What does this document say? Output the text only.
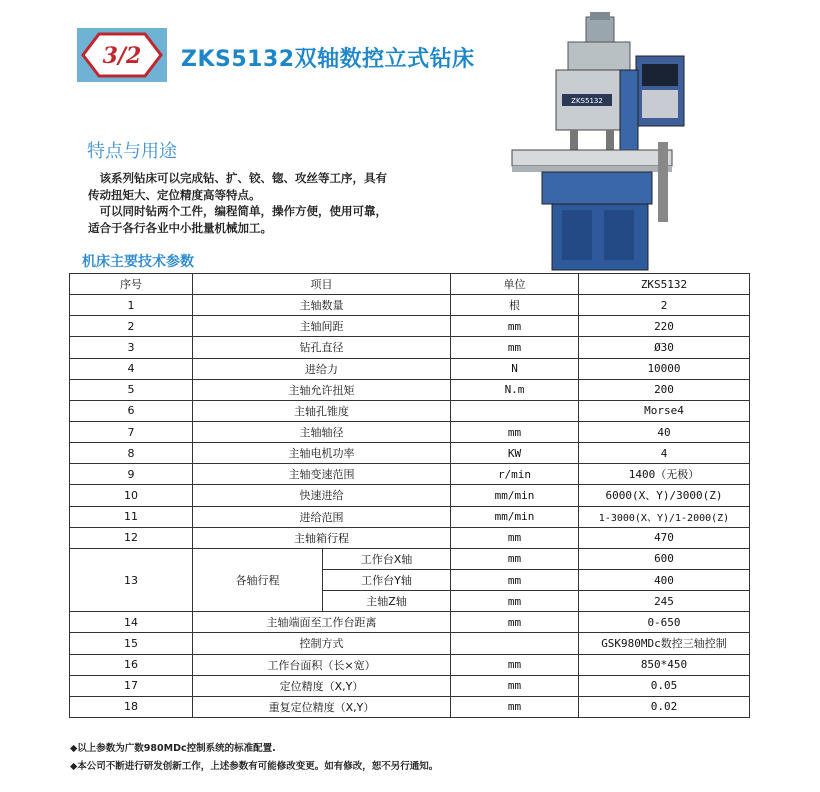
3/2 ZKS5132双轴数控立式钻床
特点与用途

　该系列钻床可以完成钻、扩、铰、锪、攻丝等工序，具有

传动扭矩大、定位精度高等特点。

　可以同时钻两个工件，编程简单，操作方便，使用可靠，

适合于各行各业中小批量机械加工。

ZKS5132
机床主要技术参数
序号	项目		单位	ZKS5132
1	主轴数量		根	2
2	主轴间距		mm	220
3	钻孔直径		mm	Ø30
4	进给力		N	10000
5	主轴允许扭矩		N.m	200
6	主轴孔锥度			Morse4
7	主轴轴径		mm	40
8	主轴电机功率		KW	4
9	主轴变速范围		r/min	1400（无极）
10	快速进给		mm/min	6000(X、Y)/3000(Z)
11	进给范围		mm/min	1-3000(X、Y)/1-2000(Z)
12	主轴箱行程		mm	470
13	各轴行程	工作台X轴	mm	600
		工作台Y轴	mm	400
		主轴Z轴	mm	245
14	主轴端面至工作台距离		mm	0-650
15	控制方式			GSK980MDc数控三轴控制
16	工作台面积（长×宽）		mm	850*450
17	定位精度（X,Y）		mm	0.05
18	重复定位精度（X,Y）		mm	0.02

◆以上参数为广数980MDc控制系统的标准配置.

◆本公司不断进行研发创新工作，上述参数有可能修改变更。如有修改，恕不另行通知。
